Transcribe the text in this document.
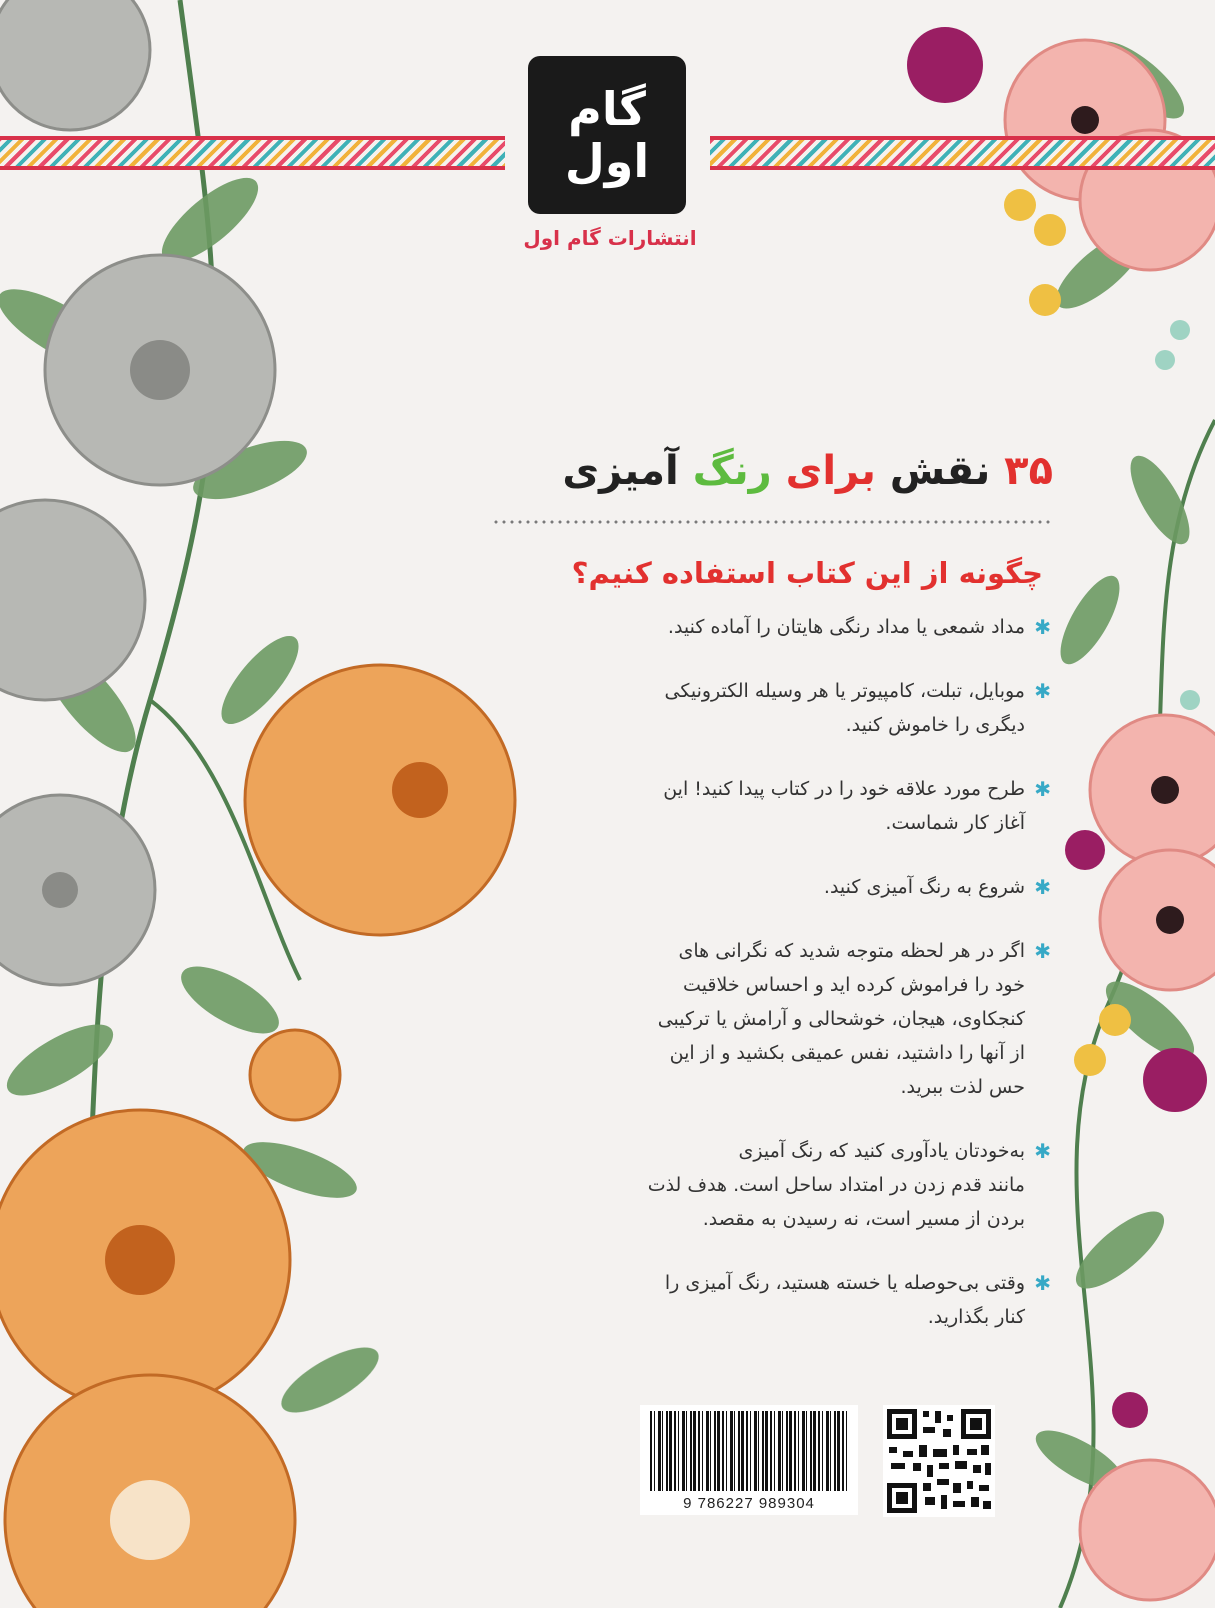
گام اول
انتشارات گام اول
۳۵ نقش برای رنگ آمیزی
چگونه از این کتاب استفاده کنیم؟
✱
مداد شمعی یا مداد رنگی هایتان را آماده کنید.
✱
موبایل، تبلت، کامپیوتر یا هر وسیله الکترونیکی
دیگری را خاموش کنید.
✱
طرح مورد علاقه خود را در کتاب پیدا کنید! این
آغاز کار شماست.
✱
شروع به رنگ آمیزی کنید.
✱
اگر در هر لحظه متوجه شدید که نگرانی های
خود را فراموش کرده اید و احساس خلاقیت
کنجکاوی، هیجان، خوشحالی و آرامش یا ترکیبی
از آنها را داشتید، نفس عمیقی بکشید و از این
حس لذت ببرید.
✱
به‌خودتان یادآوری کنید که رنگ آمیزی
مانند قدم زدن در امتداد ساحل است. هدف لذت
بردن از مسیر است، نه رسیدن به مقصد.
✱
وقتی بی‌حوصله یا خسته هستید، رنگ آمیزی را
کنار بگذارید.
9 786227 989304
